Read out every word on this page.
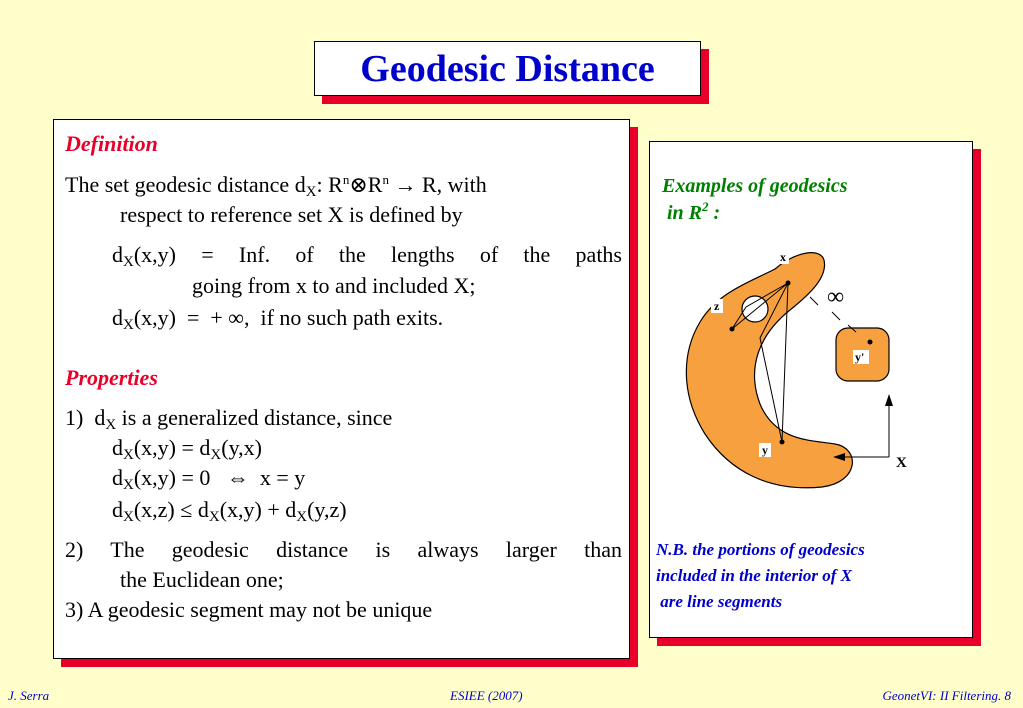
Geodesic Distance
Definition
The set geodesic distance $d_X$: $R^n\otimes R^n \to R$, with
respect to reference set X is defined by
$d_X(x,y)$ = Inf. of the lengths of the paths
going from x to and included X;
$d_X(x,y)$  =  + ∞,  if no such path exits.
Properties
1)  $d_X$ is a generalized distance, since
$d_X(x,y) = d_X(y,x)$
$d_X(x,y) = 0$   ⇔  x = y
$d_X(x,z) \le d_X(x,y) + d_X(y,z)$
2) The geodesic distance is always larger than
the Euclidean one;
3) A geodesic segment may not be unique
Examples of geodesics
in $R^2$ :
x
z
y
y'
∞
X
N.B. the portions of geodesics
included in the interior of X
are line segments
J. Serra	ESIEE (2007)	GeonetVI: II Filtering. 8
